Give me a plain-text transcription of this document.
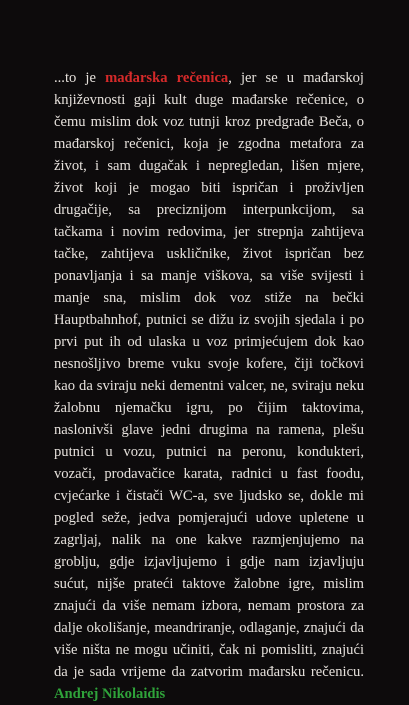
...to je mađarska rečenica, jer se u mađarskoj književnosti gaji kult duge mađarske rečenice, o čemu mislim dok voz tutnji kroz predgrađe Beča, o mađarskoj rečenici, koja je zgodna metafora za život, i sam dugačak i nepregledan, lišen mjere, život koji je mogao biti ispričan i proživljen drugačije, sa preciznijom interpunkcijom, sa tačkama i novim redovima, jer strepnja zahtijeva tačke, zahtijeva uskličnike, život ispričan bez ponavljanja i sa manje viškova, sa više svijesti i manje sna, mislim dok voz stiže na bečki Hauptbahnhof, putnici se dižu iz svojih sjedala i po prvi put ih od ulaska u voz primjećujem dok kao nesnošljivo breme vuku svoje kofere, čiji točkovi kao da sviraju neki dementni valcer, ne, sviraju neku žalobnu njemačku igru, po čijim taktovima, naslonivši glave jedni drugima na ramena, plešu putnici u vozu, putnici na peronu, kondukteri, vozači, prodavačice karata, radnici u fast foodu, cvjećarke i čistači WC-a, sve ljudsko se, dokle mi pogled seže, jedva pomjerajući udove upletene u zagrljaj, nalik na one kakve razmjenjujemo na groblju, gdje izjavljujemo i gdje nam izjavljuju sućut, nijše prateći taktove žalobne igre, mislim znajući da više nemam izbora, nemam prostora za dalje okolišanje, meandriranje, odlaganje, znajući da više ništa ne mogu učiniti, čak ni pomisliti, znajući da je sada vrijeme da zatvorim mađarsku rečenicu. Andrej Nikolaidis
